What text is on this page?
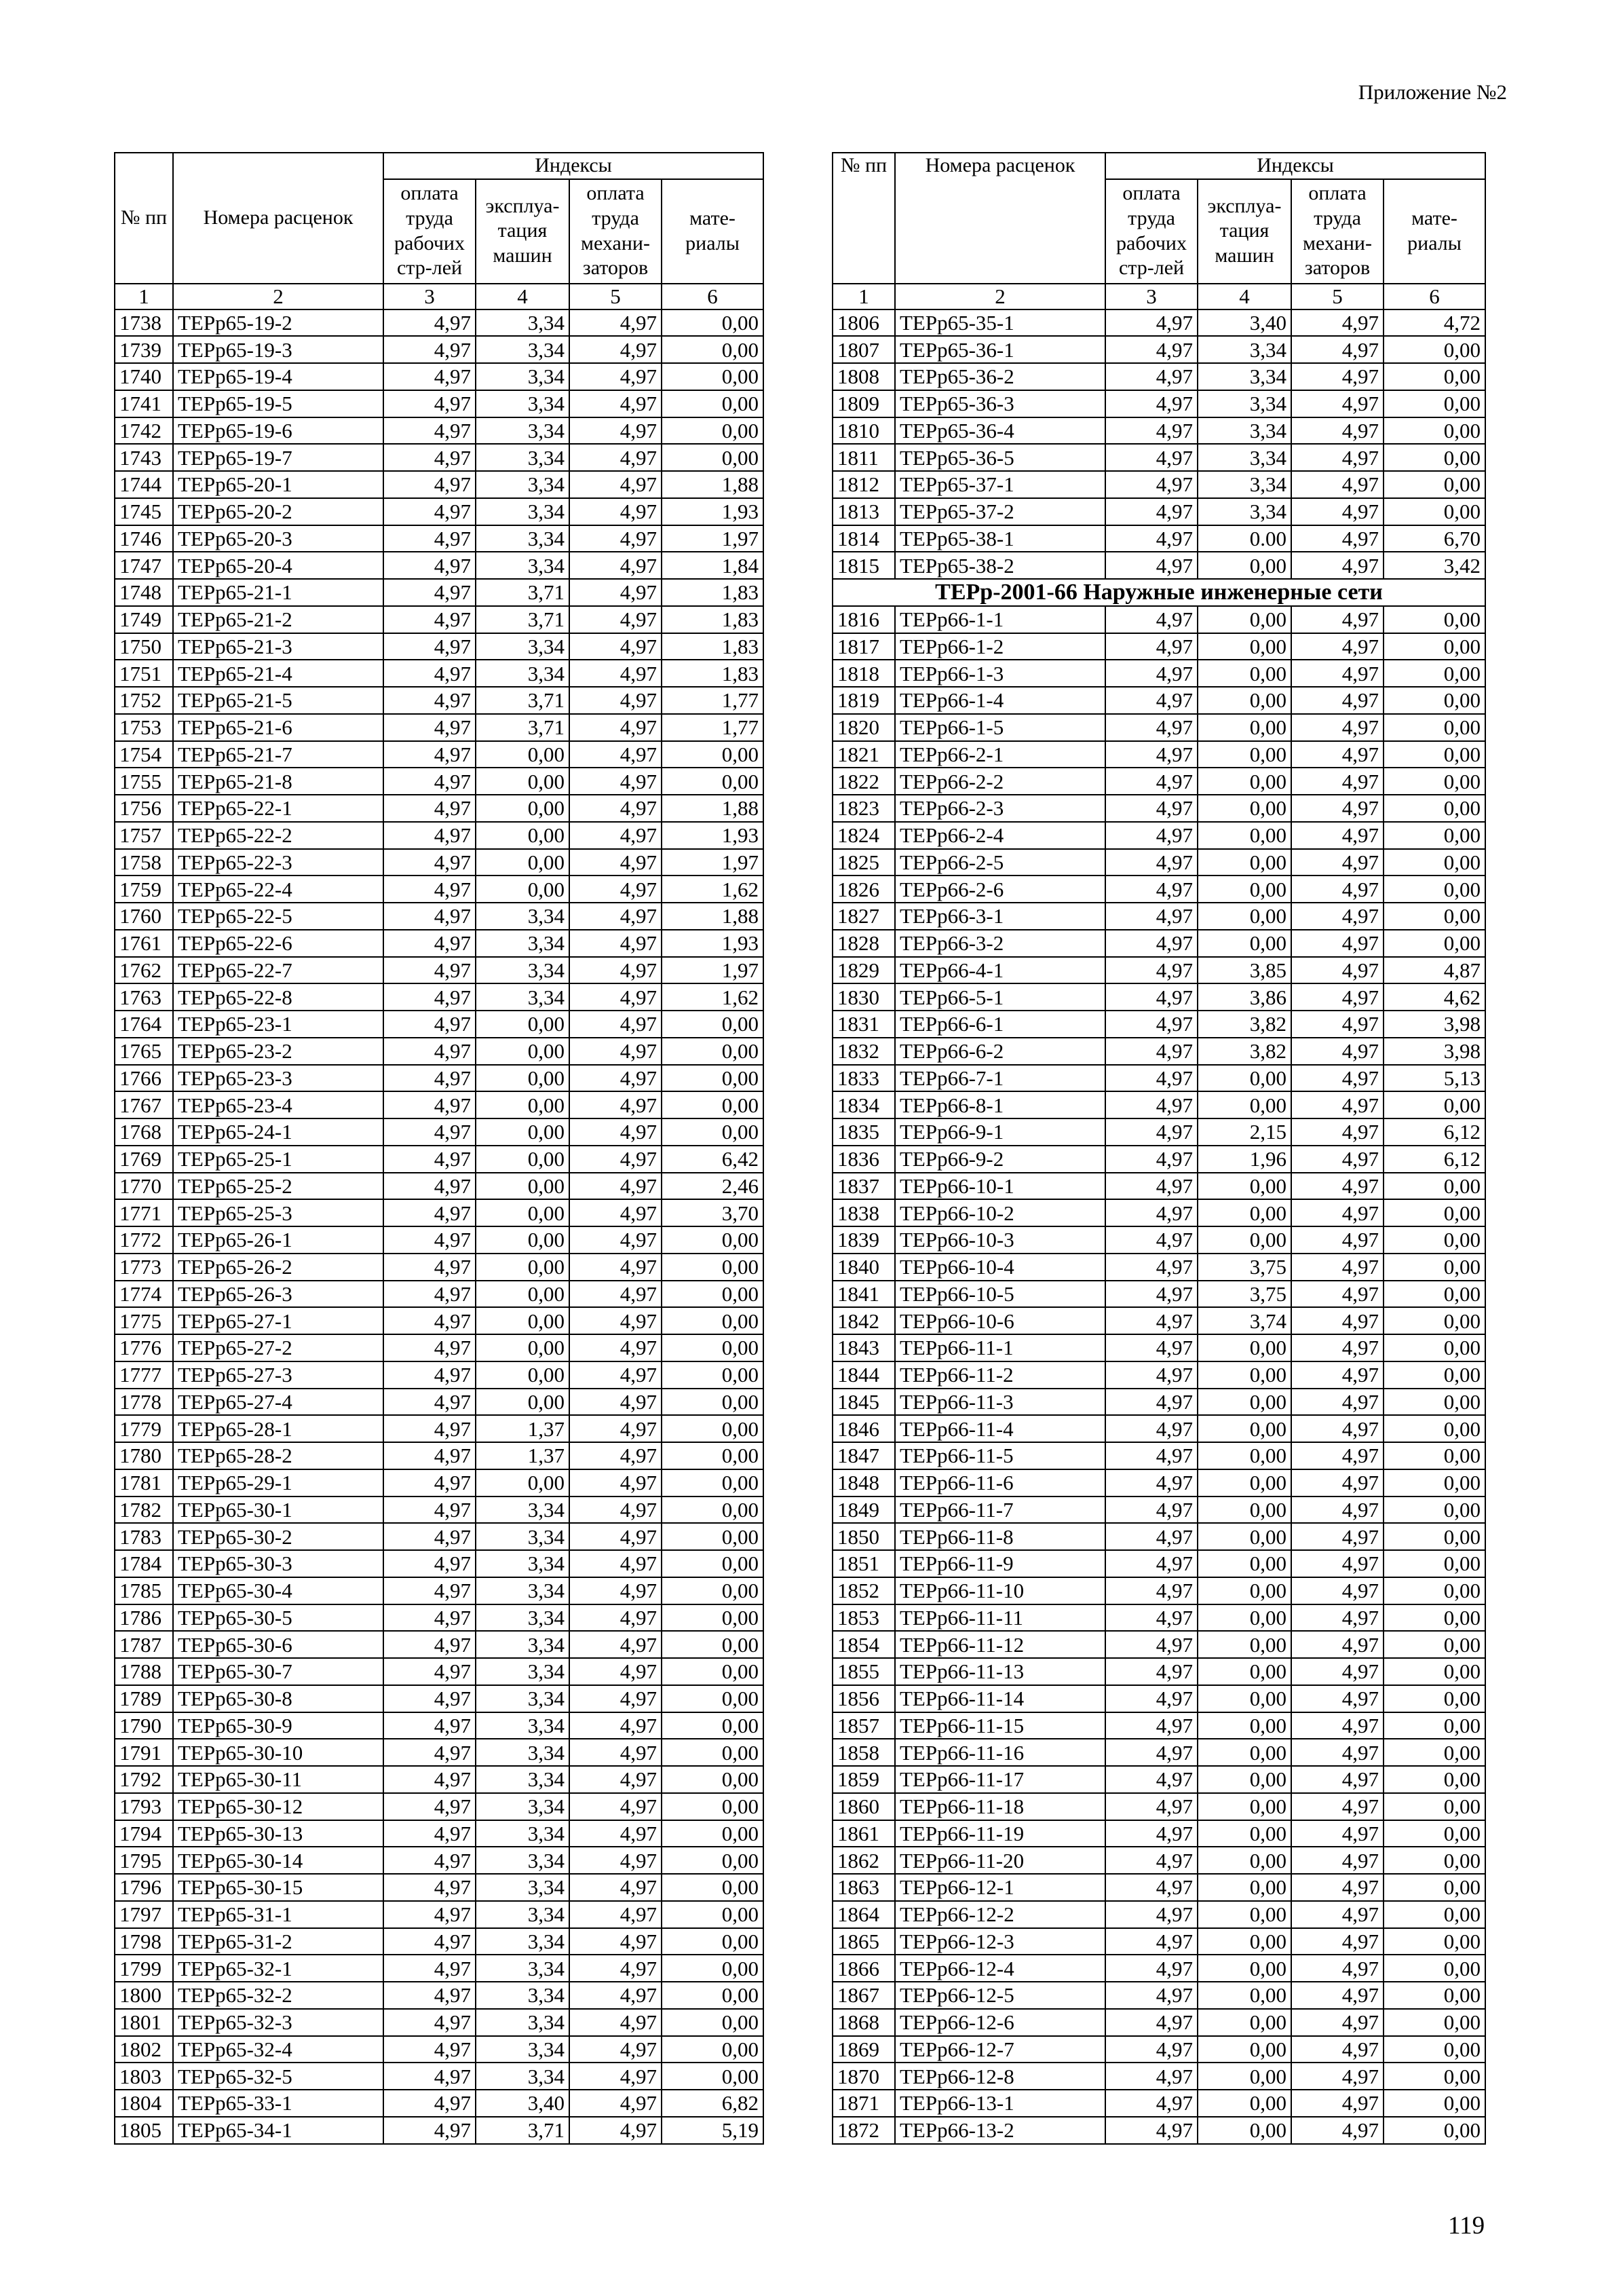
Приложение №2
№ пп	Номера расценок	Индексы			
		оплата труда рабочих стр-лей	эксплуа-тация машин	оплата труда механи-заторов	мате-риалы
1	2	3	4	5	6
1738	ТЕРр65-19-2	4,97	3,34	4,97	0,00
1739	ТЕРр65-19-3	4,97	3,34	4,97	0,00
1740	ТЕРр65-19-4	4,97	3,34	4,97	0,00
1741	ТЕРр65-19-5	4,97	3,34	4,97	0,00
1742	ТЕРр65-19-6	4,97	3,34	4,97	0,00
1743	ТЕРр65-19-7	4,97	3,34	4,97	0,00
1744	ТЕРр65-20-1	4,97	3,34	4,97	1,88
1745	ТЕРр65-20-2	4,97	3,34	4,97	1,93
1746	ТЕРр65-20-3	4,97	3,34	4,97	1,97
1747	ТЕРр65-20-4	4,97	3,34	4,97	1,84
1748	ТЕРр65-21-1	4,97	3,71	4,97	1,83
1749	ТЕРр65-21-2	4,97	3,71	4,97	1,83
1750	ТЕРр65-21-3	4,97	3,34	4,97	1,83
1751	ТЕРр65-21-4	4,97	3,34	4,97	1,83
1752	ТЕРр65-21-5	4,97	3,71	4,97	1,77
1753	ТЕРр65-21-6	4,97	3,71	4,97	1,77
1754	ТЕРр65-21-7	4,97	0,00	4,97	0,00
1755	ТЕРр65-21-8	4,97	0,00	4,97	0,00
1756	ТЕРр65-22-1	4,97	0,00	4,97	1,88
1757	ТЕРр65-22-2	4,97	0,00	4,97	1,93
1758	ТЕРр65-22-3	4,97	0,00	4,97	1,97
1759	ТЕРр65-22-4	4,97	0,00	4,97	1,62
1760	ТЕРр65-22-5	4,97	3,34	4,97	1,88
1761	ТЕРр65-22-6	4,97	3,34	4,97	1,93
1762	ТЕРр65-22-7	4,97	3,34	4,97	1,97
1763	ТЕРр65-22-8	4,97	3,34	4,97	1,62
1764	ТЕРр65-23-1	4,97	0,00	4,97	0,00
1765	ТЕРр65-23-2	4,97	0,00	4,97	0,00
1766	ТЕРр65-23-3	4,97	0,00	4,97	0,00
1767	ТЕРр65-23-4	4,97	0,00	4,97	0,00
1768	ТЕРр65-24-1	4,97	0,00	4,97	0,00
1769	ТЕРр65-25-1	4,97	0,00	4,97	6,42
1770	ТЕРр65-25-2	4,97	0,00	4,97	2,46
1771	ТЕРр65-25-3	4,97	0,00	4,97	3,70
1772	ТЕРр65-26-1	4,97	0,00	4,97	0,00
1773	ТЕРр65-26-2	4,97	0,00	4,97	0,00
1774	ТЕРр65-26-3	4,97	0,00	4,97	0,00
1775	ТЕРр65-27-1	4,97	0,00	4,97	0,00
1776	ТЕРр65-27-2	4,97	0,00	4,97	0,00
1777	ТЕРр65-27-3	4,97	0,00	4,97	0,00
1778	ТЕРр65-27-4	4,97	0,00	4,97	0,00
1779	ТЕРр65-28-1	4,97	1,37	4,97	0,00
1780	ТЕРр65-28-2	4,97	1,37	4,97	0,00
1781	ТЕРр65-29-1	4,97	0,00	4,97	0,00
1782	ТЕРр65-30-1	4,97	3,34	4,97	0,00
1783	ТЕРр65-30-2	4,97	3,34	4,97	0,00
1784	ТЕРр65-30-3	4,97	3,34	4,97	0,00
1785	ТЕРр65-30-4	4,97	3,34	4,97	0,00
1786	ТЕРр65-30-5	4,97	3,34	4,97	0,00
1787	ТЕРр65-30-6	4,97	3,34	4,97	0,00
1788	ТЕРр65-30-7	4,97	3,34	4,97	0,00
1789	ТЕРр65-30-8	4,97	3,34	4,97	0,00
1790	ТЕРр65-30-9	4,97	3,34	4,97	0,00
1791	ТЕРр65-30-10	4,97	3,34	4,97	0,00
1792	ТЕРр65-30-11	4,97	3,34	4,97	0,00
1793	ТЕРр65-30-12	4,97	3,34	4,97	0,00
1794	ТЕРр65-30-13	4,97	3,34	4,97	0,00
1795	ТЕРр65-30-14	4,97	3,34	4,97	0,00
1796	ТЕРр65-30-15	4,97	3,34	4,97	0,00
1797	ТЕРр65-31-1	4,97	3,34	4,97	0,00
1798	ТЕРр65-31-2	4,97	3,34	4,97	0,00
1799	ТЕРр65-32-1	4,97	3,34	4,97	0,00
1800	ТЕРр65-32-2	4,97	3,34	4,97	0,00
1801	ТЕРр65-32-3	4,97	3,34	4,97	0,00
1802	ТЕРр65-32-4	4,97	3,34	4,97	0,00
1803	ТЕРр65-32-5	4,97	3,34	4,97	0,00
1804	ТЕРр65-33-1	4,97	3,40	4,97	6,82
1805	ТЕРр65-34-1	4,97	3,71	4,97	5,19
№ пп	Номера расценок	Индексы			
		оплата труда рабочих стр-лей	эксплуа-тация машин	оплата труда механи-заторов	мате-риалы
1	2	3	4	5	6
1806	ТЕРр65-35-1	4,97	3,40	4,97	4,72
1807	ТЕРр65-36-1	4,97	3,34	4,97	0,00
1808	ТЕРр65-36-2	4,97	3,34	4,97	0,00
1809	ТЕРр65-36-3	4,97	3,34	4,97	0,00
1810	ТЕРр65-36-4	4,97	3,34	4,97	0,00
1811	ТЕРр65-36-5	4,97	3,34	4,97	0,00
1812	ТЕРр65-37-1	4,97	3,34	4,97	0,00
1813	ТЕРр65-37-2	4,97	3,34	4,97	0,00
1814	ТЕРр65-38-1	4,97	0.00	4,97	6,70
1815	ТЕРр65-38-2	4,97	0,00	4,97	3,42
ТЕРр-2001-66 Наружные инженерные сети					
1816	ТЕРр66-1-1	4,97	0,00	4,97	0,00
1817	ТЕРр66-1-2	4,97	0,00	4,97	0,00
1818	ТЕРр66-1-3	4,97	0,00	4,97	0,00
1819	ТЕРр66-1-4	4,97	0,00	4,97	0,00
1820	ТЕРр66-1-5	4,97	0,00	4,97	0,00
1821	ТЕРр66-2-1	4,97	0,00	4,97	0,00
1822	ТЕРр66-2-2	4,97	0,00	4,97	0,00
1823	ТЕРр66-2-3	4,97	0,00	4,97	0,00
1824	ТЕРр66-2-4	4,97	0,00	4,97	0,00
1825	ТЕРр66-2-5	4,97	0,00	4,97	0,00
1826	ТЕРр66-2-6	4,97	0,00	4,97	0,00
1827	ТЕРр66-3-1	4,97	0,00	4,97	0,00
1828	ТЕРр66-3-2	4,97	0,00	4,97	0,00
1829	ТЕРр66-4-1	4,97	3,85	4,97	4,87
1830	ТЕРр66-5-1	4,97	3,86	4,97	4,62
1831	ТЕРр66-6-1	4,97	3,82	4,97	3,98
1832	ТЕРр66-6-2	4,97	3,82	4,97	3,98
1833	ТЕРр66-7-1	4,97	0,00	4,97	5,13
1834	ТЕРр66-8-1	4,97	0,00	4,97	0,00
1835	ТЕРр66-9-1	4,97	2,15	4,97	6,12
1836	ТЕРр66-9-2	4,97	1,96	4,97	6,12
1837	ТЕРр66-10-1	4,97	0,00	4,97	0,00
1838	ТЕРр66-10-2	4,97	0,00	4,97	0,00
1839	ТЕРр66-10-3	4,97	0,00	4,97	0,00
1840	ТЕРр66-10-4	4,97	3,75	4,97	0,00
1841	ТЕРр66-10-5	4,97	3,75	4,97	0,00
1842	ТЕРр66-10-6	4,97	3,74	4,97	0,00
1843	ТЕРр66-11-1	4,97	0,00	4,97	0,00
1844	ТЕРр66-11-2	4,97	0,00	4,97	0,00
1845	ТЕРр66-11-3	4,97	0,00	4,97	0,00
1846	ТЕРр66-11-4	4,97	0,00	4,97	0,00
1847	ТЕРр66-11-5	4,97	0,00	4,97	0,00
1848	ТЕРр66-11-6	4,97	0,00	4,97	0,00
1849	ТЕРр66-11-7	4,97	0,00	4,97	0,00
1850	ТЕРр66-11-8	4,97	0,00	4,97	0,00
1851	ТЕРр66-11-9	4,97	0,00	4,97	0,00
1852	ТЕРр66-11-10	4,97	0,00	4,97	0,00
1853	ТЕРр66-11-11	4,97	0,00	4,97	0,00
1854	ТЕРр66-11-12	4,97	0,00	4,97	0,00
1855	ТЕРр66-11-13	4,97	0,00	4,97	0,00
1856	ТЕРр66-11-14	4,97	0,00	4,97	0,00
1857	ТЕРр66-11-15	4,97	0,00	4,97	0,00
1858	ТЕРр66-11-16	4,97	0,00	4,97	0,00
1859	ТЕРр66-11-17	4,97	0,00	4,97	0,00
1860	ТЕРр66-11-18	4,97	0,00	4,97	0,00
1861	ТЕРр66-11-19	4,97	0,00	4,97	0,00
1862	ТЕРр66-11-20	4,97	0,00	4,97	0,00
1863	ТЕРр66-12-1	4,97	0,00	4,97	0,00
1864	ТЕРр66-12-2	4,97	0,00	4,97	0,00
1865	ТЕРр66-12-3	4,97	0,00	4,97	0,00
1866	ТЕРр66-12-4	4,97	0,00	4,97	0,00
1867	ТЕРр66-12-5	4,97	0,00	4,97	0,00
1868	ТЕРр66-12-6	4,97	0,00	4,97	0,00
1869	ТЕРр66-12-7	4,97	0,00	4,97	0,00
1870	ТЕРр66-12-8	4,97	0,00	4,97	0,00
1871	ТЕРр66-13-1	4,97	0,00	4,97	0,00
1872	ТЕРр66-13-2	4,97	0,00	4,97	0,00
119
